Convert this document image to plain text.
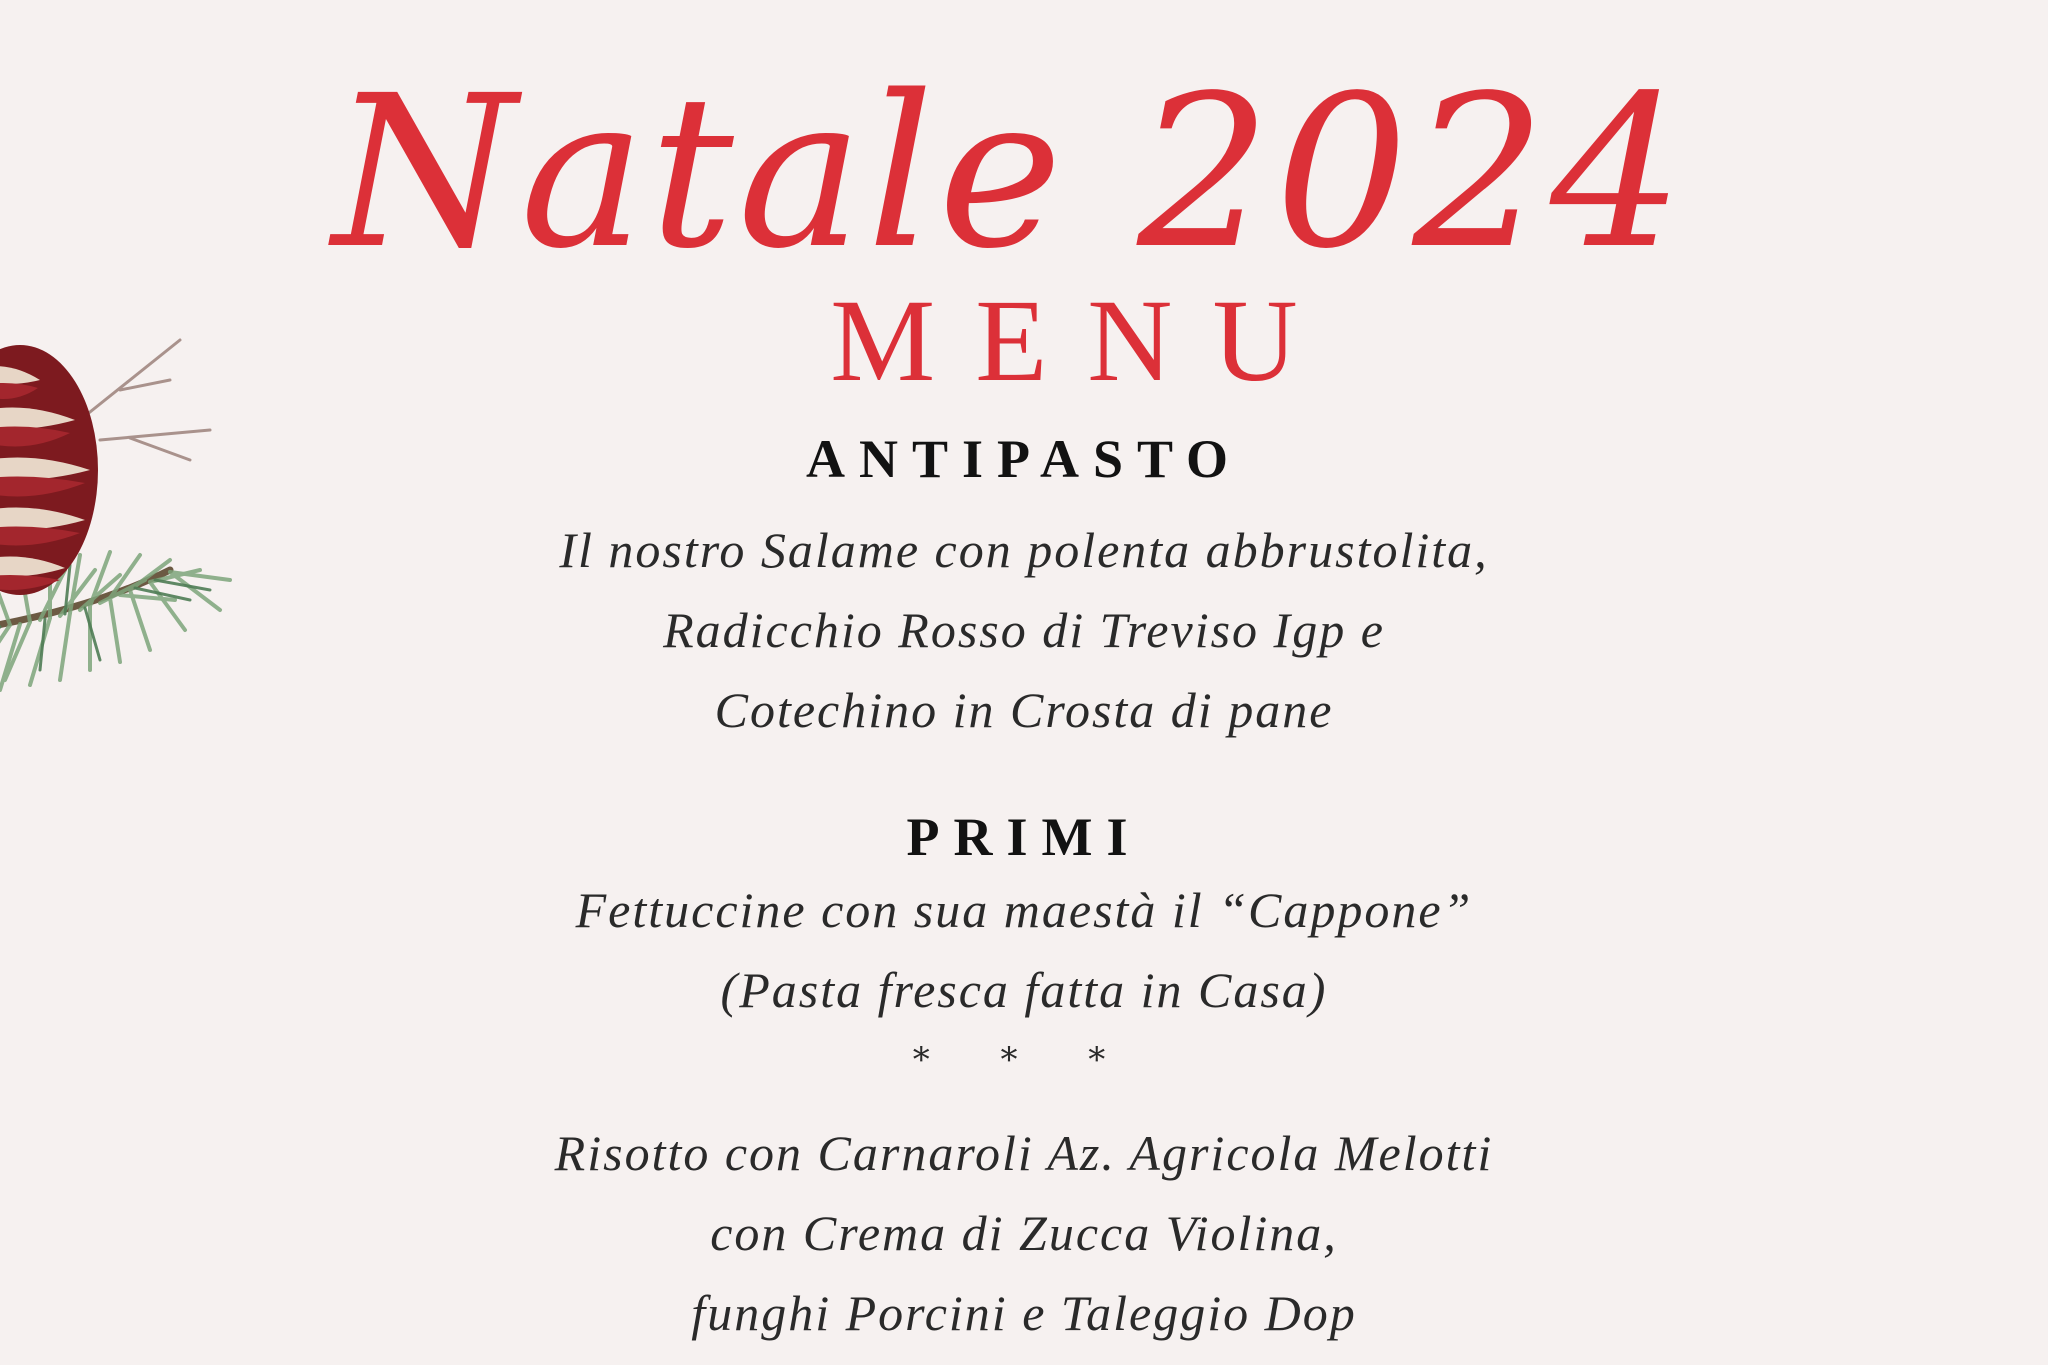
Natale 2024
MENU
ANTIPASTO
Il nostro Salame con polenta abbrustolita,
Radicchio Rosso di Treviso Igp e
Cotechino in Crosta di pane
PRIMI
Fettuccine con sua maestà il “Cappone”
(Pasta fresca fatta in Casa)
* * *
Risotto con Carnaroli Az. Agricola Melotti
con Crema di Zucca Violina,
funghi Porcini e Taleggio Dop
